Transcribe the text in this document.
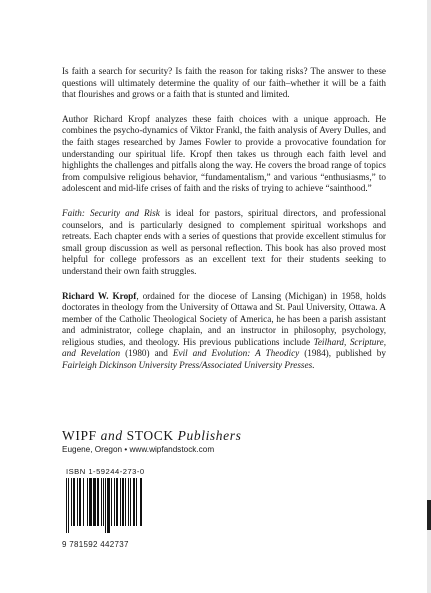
Is faith a search for security? Is faith the reason for taking risks? The answer to these questions will ultimately determine the quality of our faith–whether it will be a faith that flourishes and grows or a faith that is stunted and limited.

Author Richard Kropf analyzes these faith choices with a unique approach. He combines the psycho-dynamics of Viktor Frankl, the faith analysis of Avery Dulles, and the faith stages researched by James Fowler to provide a provocative foundation for understanding our spiritual life. Kropf then takes us through each faith level and highlights the challenges and pitfalls along the way. He covers the broad range of topics from compulsive religious behavior, “fundamentalism,” and various “enthusiasms,” to adolescent and mid-life crises of faith and the risks of trying to achieve “sainthood.”

Faith: Security and Risk is ideal for pastors, spiritual directors, and professional counselors, and is particularly designed to complement spiritual workshops and retreats. Each chapter ends with a series of questions that provide excellent stimulus for small group discussion as well as personal reflection. This book has also proved most helpful for college professors as an excellent text for their students seeking to understand their own faith struggles.

Richard W. Kropf, ordained for the diocese of Lansing (Michigan) in 1958, holds doctorates in theology from the University of Ottawa and St. Paul University, Ottawa. A member of the Catholic Theological Society of America, he has been a parish assistant and administrator, college chaplain, and an instructor in philosophy, psychology, religious studies, and theology. His previous publications include Teilhard, Scripture, and Revelation (1980) and Evil and Evolution: A Theodicy (1984), published by Fairleigh Dickinson University Press/Associated University Presses.

WIPF and STOCK Publishers
Eugene, Oregon • www.wipfandstock.com
ISBN 1-59244-273-0
9 781592 442737
